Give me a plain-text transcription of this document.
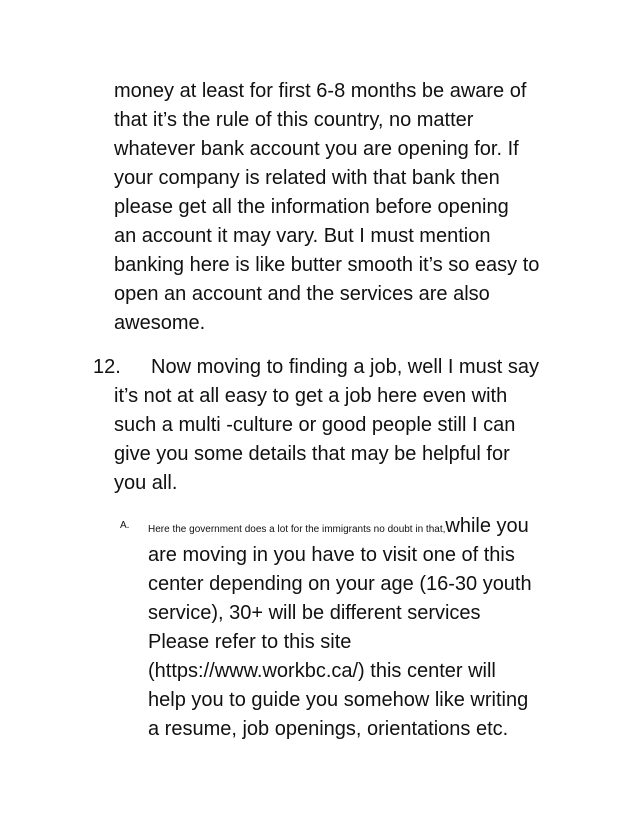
money at least for first 6-8 months be aware of
that it’s the rule of this country, no matter
whatever bank account you are opening for. If
your company is related with that bank then
please get all the information before opening
an account it may vary. But I must mention
banking here is like butter smooth it’s so easy to
open an account and the services are also
awesome.
12. Now moving to finding a job, well I must say
it’s not at all easy to get a job here even with
such a multi -culture or good people still I can
give you some details that may be helpful for
you all.
A. Here the government does a lot for the immigrants no doubt in that,while you
are moving in you have to visit one of this
center depending on your age (16-30 youth
service), 30+ will be different services
Please refer to this site
(https://www.workbc.ca/) this center will
help you to guide you somehow like writing
a resume, job openings, orientations etc.
